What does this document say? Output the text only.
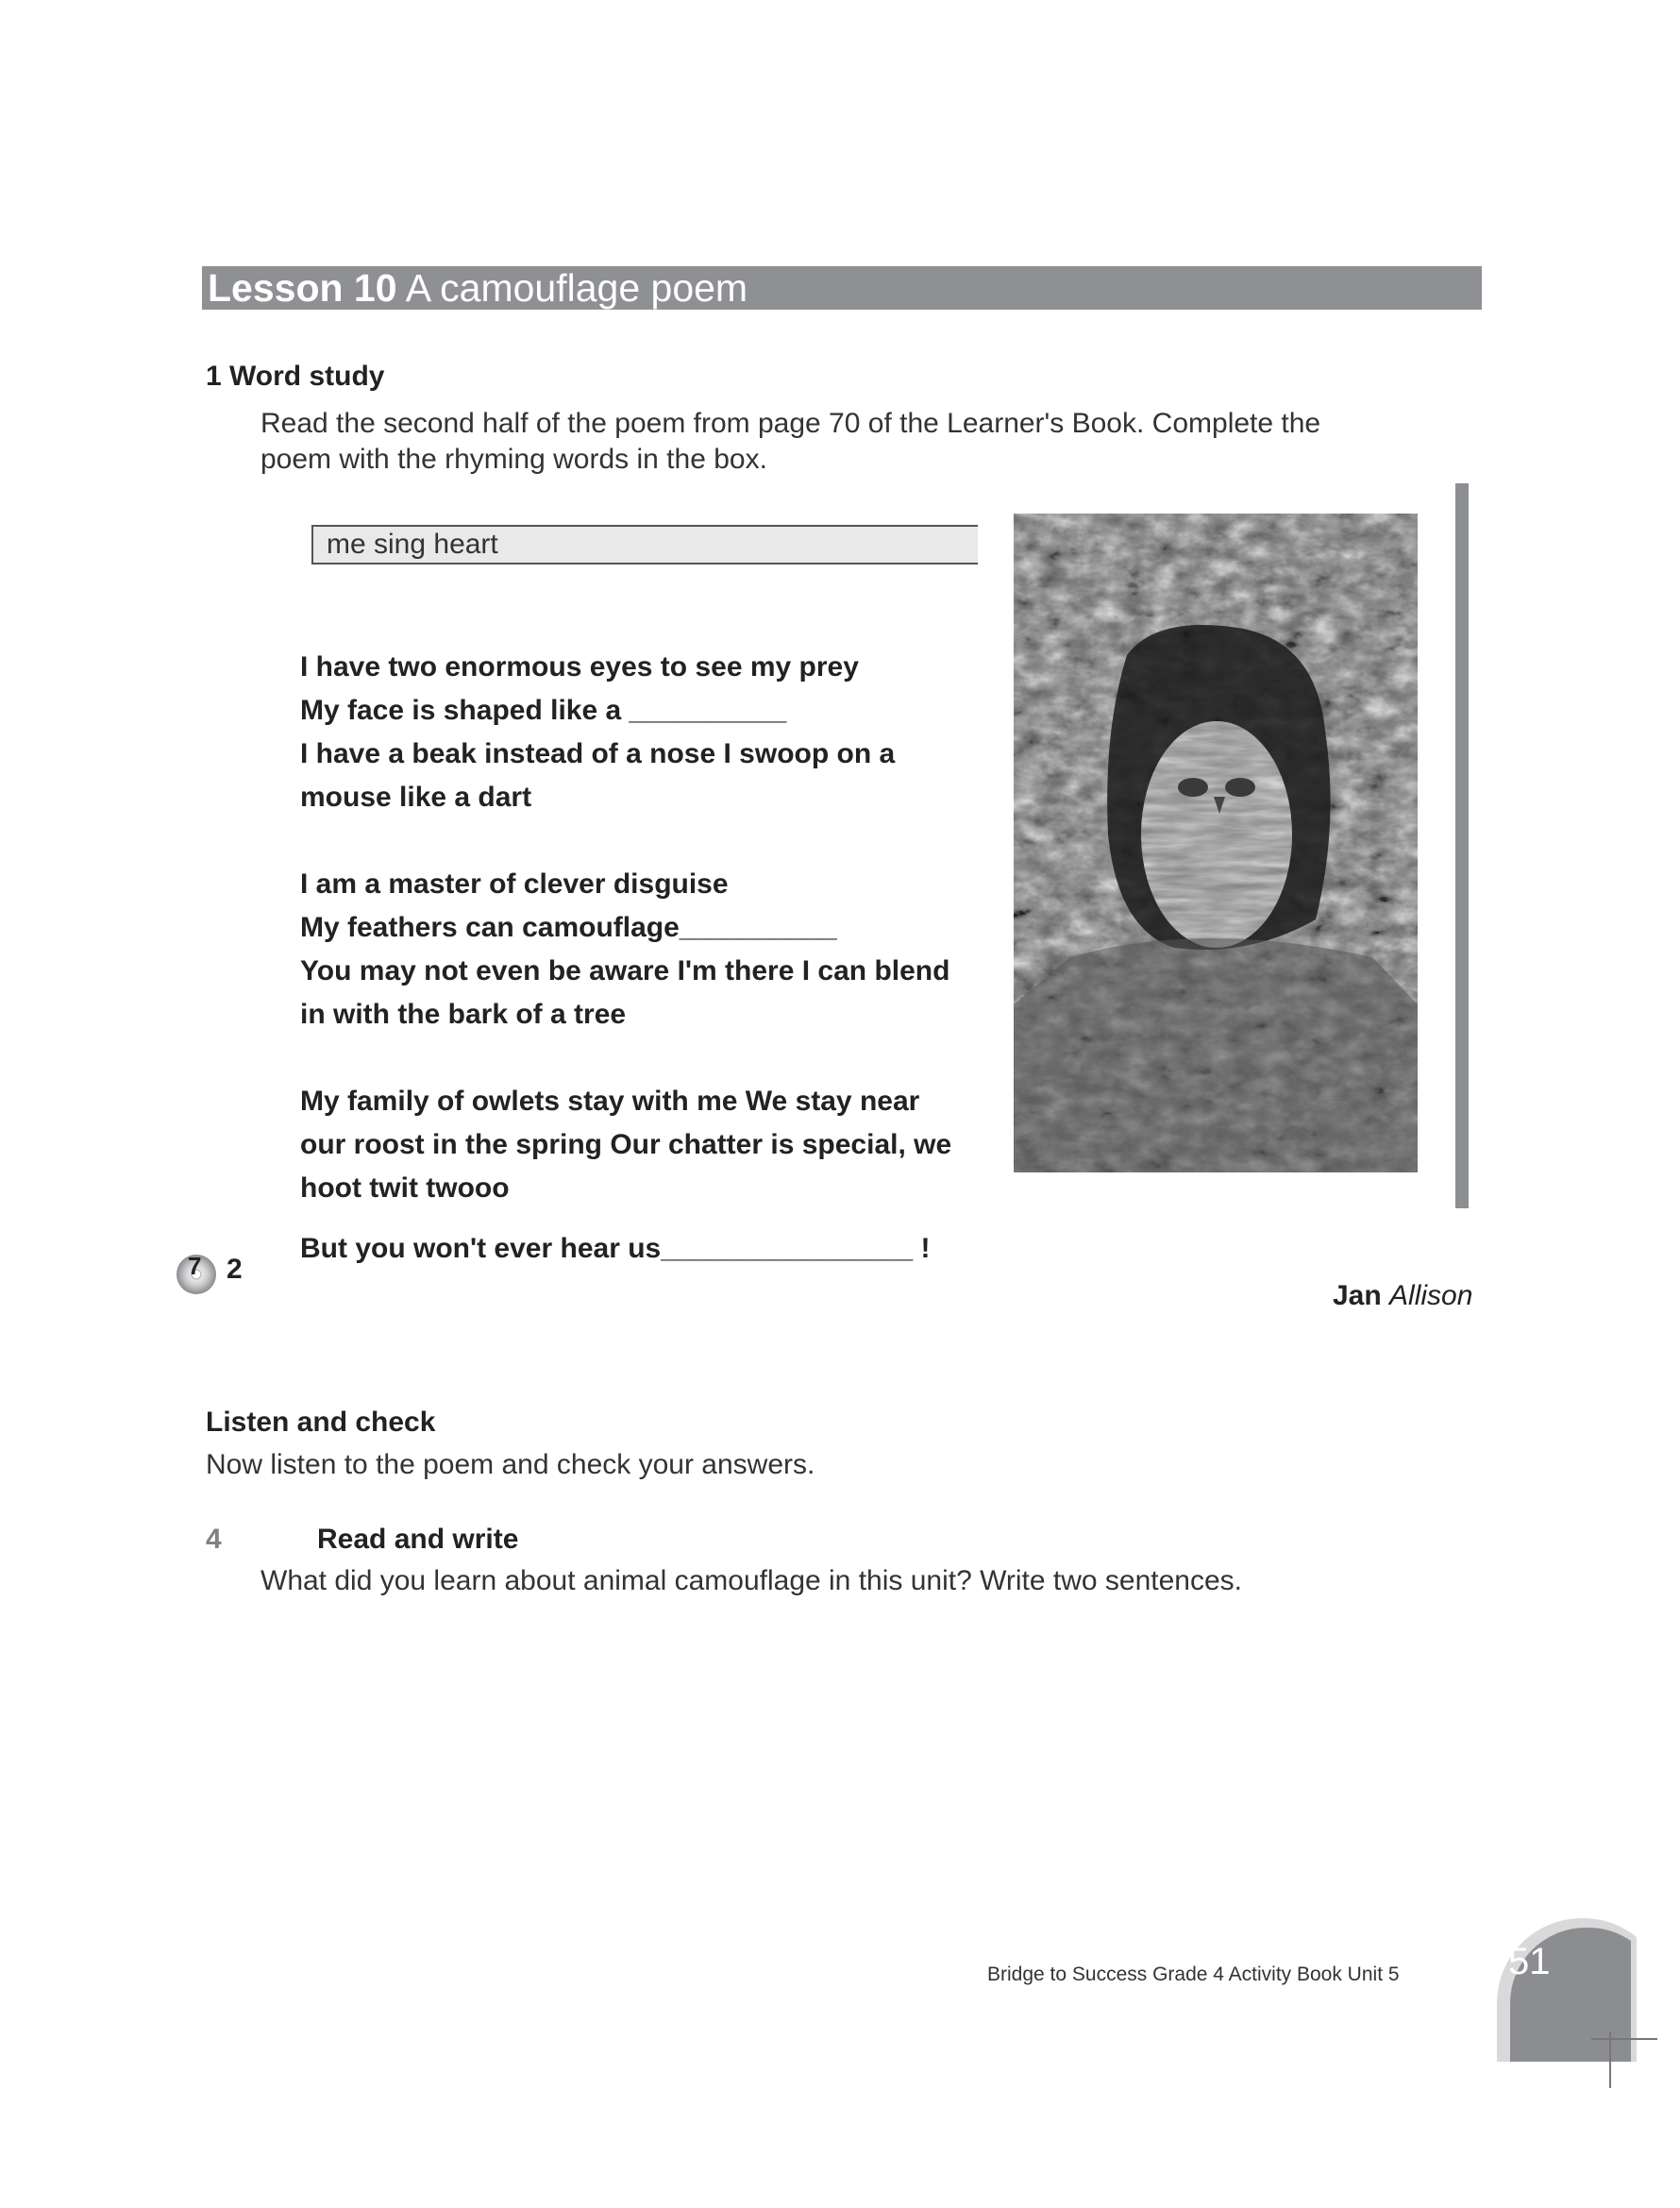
Lesson 10 A camouflage poem
1 Word study
Read the second half of the poem from page 70 of the Learner's Book. Complete the
poem with the rhyming words in the box.
me sing heart
I have two enormous eyes to see my prey
My face is shaped like a __________
I have a beak instead of a nose I swoop on a
mouse like a dart
I am a master of clever disguise
My feathers can camouflage__________
You may not even be aware I'm there I can blend
in with the bark of a tree
My family of owlets stay with me We stay near
our roost in the spring Our chatter is special, we
hoot twit twooo
But you won't ever hear us________________ !
7 2
Jan Allison
Listen and check
Now listen to the poem and check your answers.
4	Read and write
What did you learn about animal camouflage in this unit? Write two sentences.
Bridge to Success Grade 4 Activity Book Unit 5	51
